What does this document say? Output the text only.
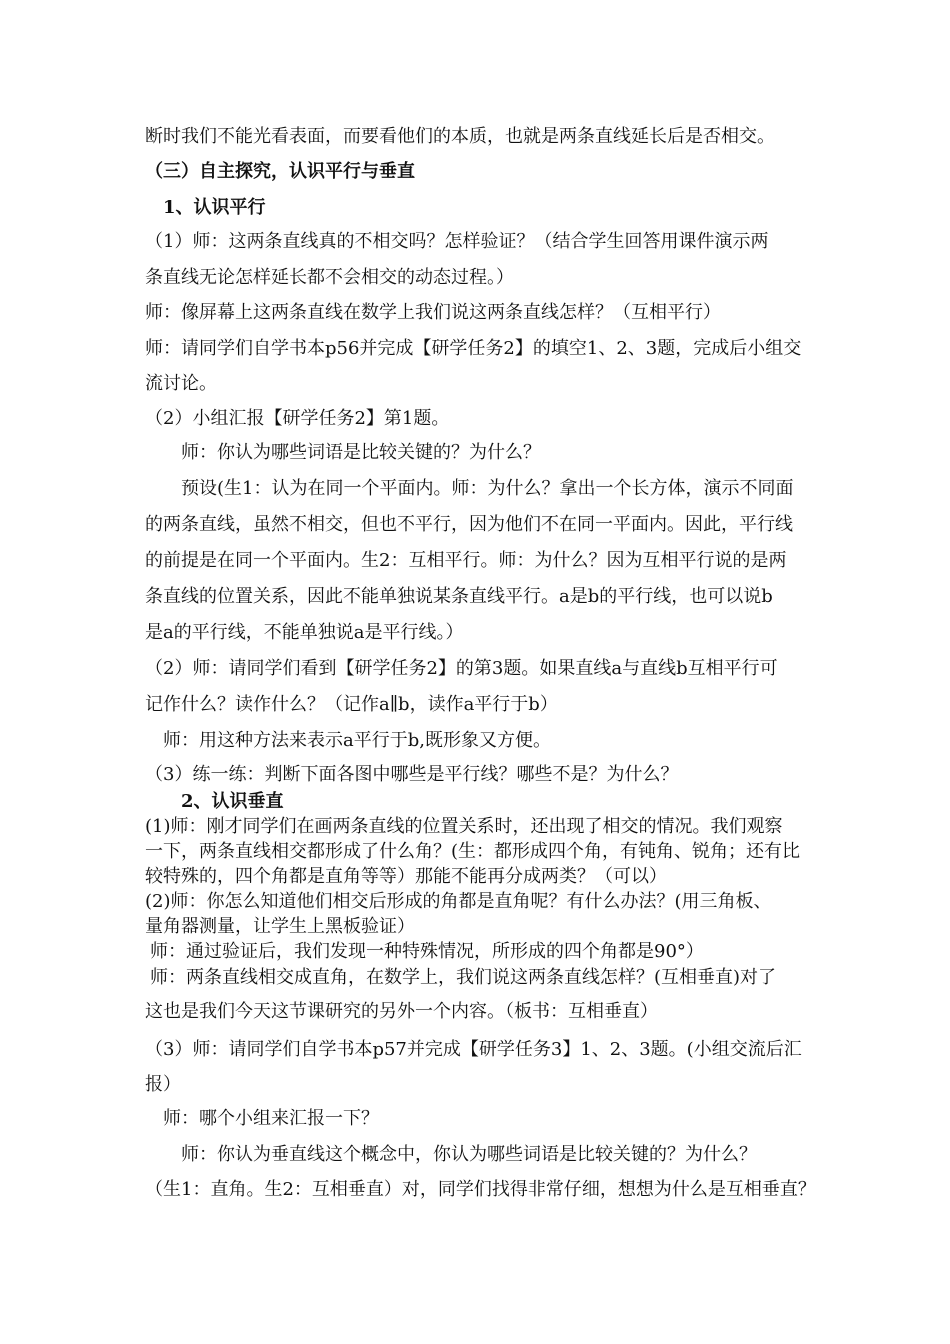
断时我们不能光看表面，而要看他们的本质，也就是两条直线延长后是否相交。
（三）自主探究，认识平行与垂直
1、认识平行
（1）师：这两条直线真的不相交吗？怎样验证？（结合学生回答用课件演示两
条直线无论怎样延长都不会相交的动态过程。）
师：像屏幕上这两条直线在数学上我们说这两条直线怎样？（互相平行）
师：请同学们自学书本p56并完成【研学任务2】的填空1、2、3题，完成后小组交
流讨论。
（2）小组汇报【研学任务2】第1题。
师：你认为哪些词语是比较关键的？为什么？
预设(生1：认为在同一个平面内。师：为什么？拿出一个长方体，演示不同面
的两条直线，虽然不相交，但也不平行，因为他们不在同一平面内。因此，平行线
的前提是在同一个平面内。生2：互相平行。师：为什么？因为互相平行说的是两
条直线的位置关系，因此不能单独说某条直线平行。a是b的平行线，也可以说b
是a的平行线，不能单独说a是平行线。）
（2）师：请同学们看到【研学任务2】的第3题。如果直线a与直线b互相平行可
记作什么？读作什么？（记作a∥b，读作a平行于b）
师：用这种方法来表示a平行于b,既形象又方便。
（3）练一练：判断下面各图中哪些是平行线？哪些不是？为什么？
2、认识垂直
(1)师：刚才同学们在画两条直线的位置关系时，还出现了相交的情况。我们观察
一下，两条直线相交都形成了什么角？(生：都形成四个角，有钝角、锐角；还有比
较特殊的，四个角都是直角等等）那能不能再分成两类？（可以）
(2)师：你怎么知道他们相交后形成的角都是直角呢？有什么办法？(用三角板、
量角器测量，让学生上黑板验证）
师：通过验证后，我们发现一种特殊情况，所形成的四个角都是90°）
师：两条直线相交成直角，在数学上，我们说这两条直线怎样？(互相垂直)对了
这也是我们今天这节课研究的另外一个内容。（板书：互相垂直）
（3）师：请同学们自学书本p57并完成【研学任务3】1、2、3题。(小组交流后汇
报）
师：哪个小组来汇报一下？
师：你认为垂直线这个概念中，你认为哪些词语是比较关键的？为什么？
（生1：直角。生2：互相垂直）对，同学们找得非常仔细，想想为什么是互相垂直？
